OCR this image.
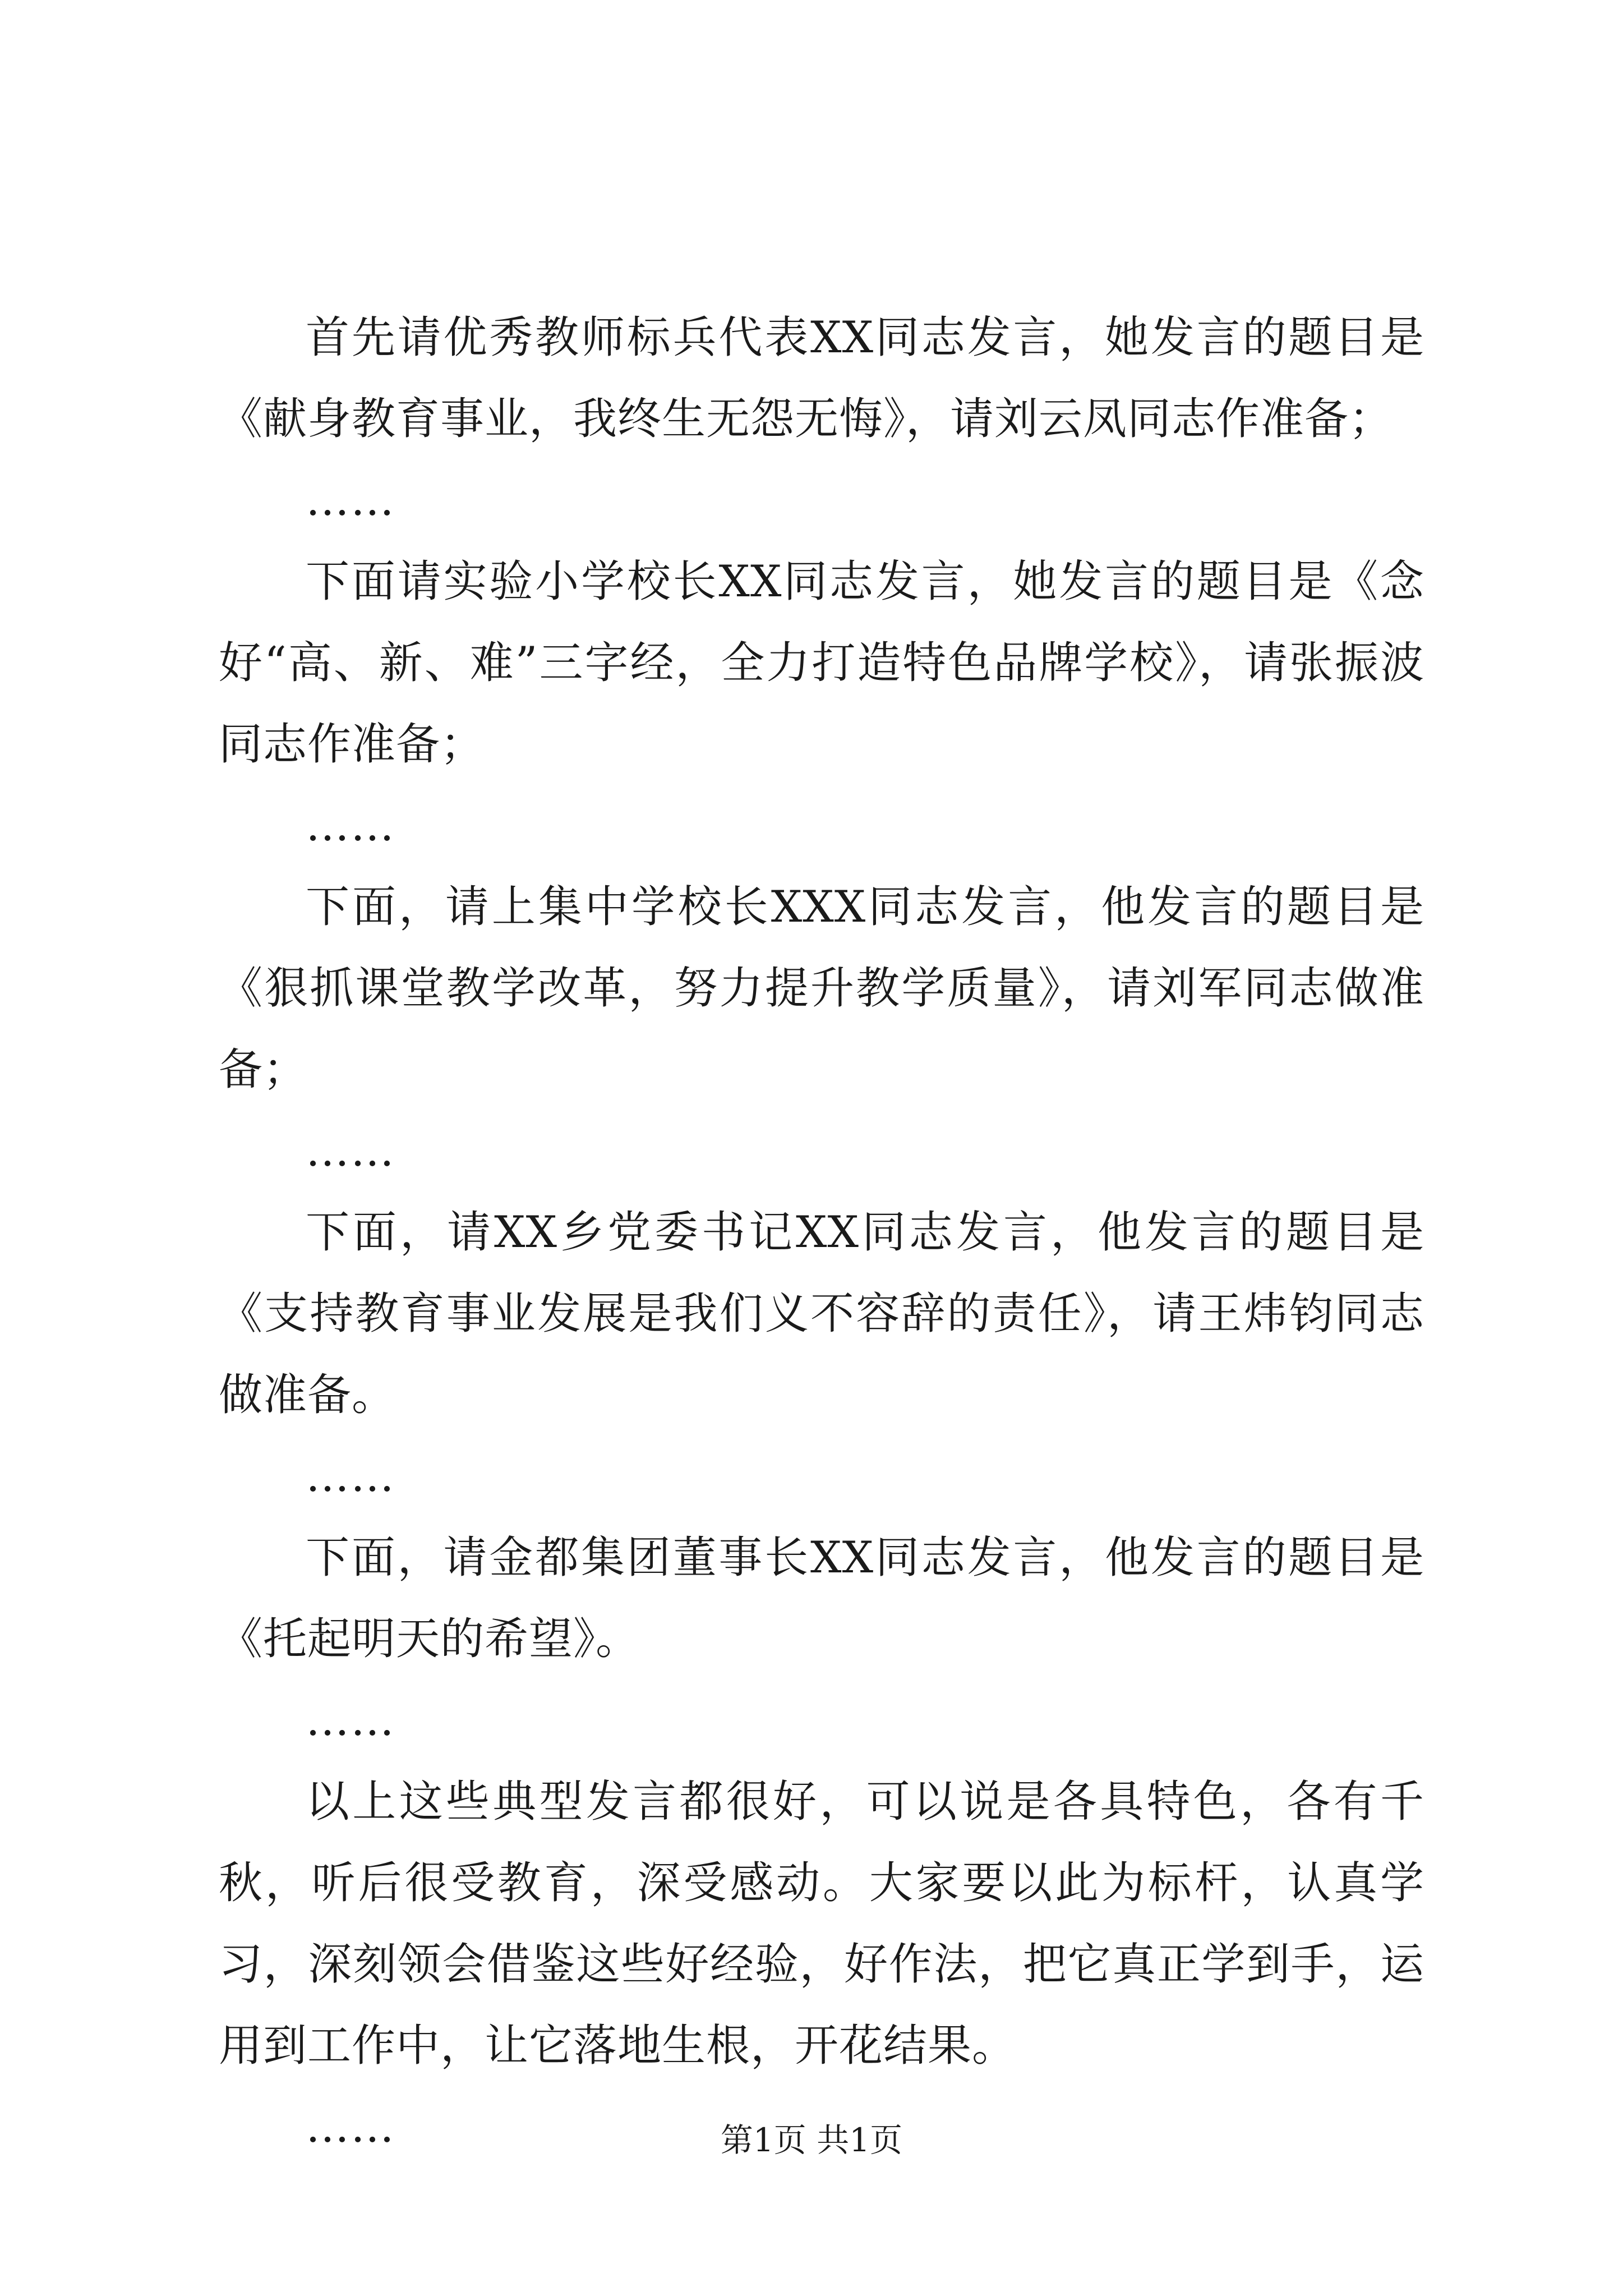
首先请优秀教师标兵代表XX同志发言，她发言的题目是《献身教育事业，我终生无怨无悔》，请刘云凤同志作准备；

……

下面请实验小学校长XX同志发言，她发言的题目是《念好“高、新、难”三字经，全力打造特色品牌学校》，请张振波同志作准备；

……

下面，请上集中学校长XXX同志发言，他发言的题目是《狠抓课堂教学改革，努力提升教学质量》，请刘军同志做准备；

……

下面，请XX乡党委书记XX同志发言，他发言的题目是《支持教育事业发展是我们义不容辞的责任》，请王炜钧同志做准备。

……

下面，请金都集团董事长XX同志发言，他发言的题目是《托起明天的希望》。

……

以上这些典型发言都很好，可以说是各具特色，各有千秋，听后很受教育，深受感动。大家要以此为标杆，认真学习，深刻领会借鉴这些好经验，好作法，把它真正学到手，运用到工作中，让它落地生根，开花结果。

……	第1页 共1页
